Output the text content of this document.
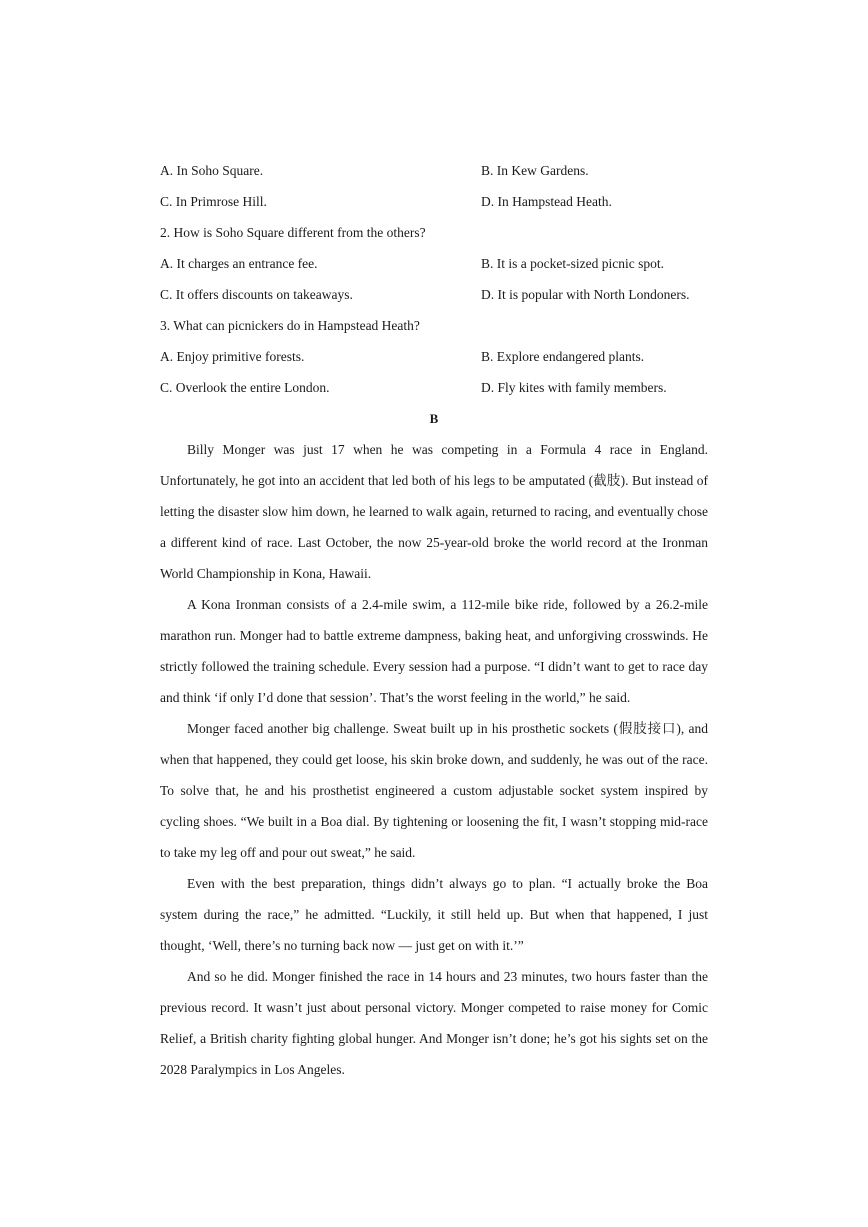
A. In Soho Square.	B. In Kew Gardens.
C. In Primrose Hill.	D. In Hampstead Heath.
2. How is Soho Square different from the others?
A. It charges an entrance fee.	B. It is a pocket-sized picnic spot.
C. It offers discounts on takeaways.	D. It is popular with North Londoners.
3. What can picnickers do in Hampstead Heath?
A. Enjoy primitive forests.	B. Explore endangered plants.
C. Overlook the entire London.	D. Fly kites with family members.
B

Billy Monger was just 17 when he was competing in a Formula 4 race in England. Unfortunately, he got into an accident that led both of his legs to be amputated (截肢). But instead of letting the disaster slow him down, he learned to walk again, returned to racing, and eventually chose a different kind of race. Last October, the now 25-year-old broke the world record at the Ironman World Championship in Kona, Hawaii.

A Kona Ironman consists of a 2.4-mile swim, a 112-mile bike ride, followed by a 26.2-mile marathon run. Monger had to battle extreme dampness, baking heat, and unforgiving crosswinds. He strictly followed the training schedule. Every session had a purpose. “I didn’t want to get to race day and think ‘if only I’d done that session’. That’s the worst feeling in the world,” he said.

Monger faced another big challenge. Sweat built up in his prosthetic sockets (假肢接口), and when that happened, they could get loose, his skin broke down, and suddenly, he was out of the race. To solve that, he and his prosthetist engineered a custom adjustable socket system inspired by cycling shoes. “We built in a Boa dial. By tightening or loosening the fit, I wasn’t stopping mid-race to take my leg off and pour out sweat,” he said.

Even with the best preparation, things didn’t always go to plan. “I actually broke the Boa system during the race,” he admitted. “Luckily, it still held up. But when that happened, I just thought, ‘Well, there’s no turning back now — just get on with it.’”

And so he did. Monger finished the race in 14 hours and 23 minutes, two hours faster than the previous record. It wasn’t just about personal victory. Monger competed to raise money for Comic Relief, a British charity fighting global hunger. And Monger isn’t done; he’s got his sights set on the 2028 Paralympics in Los Angeles.
